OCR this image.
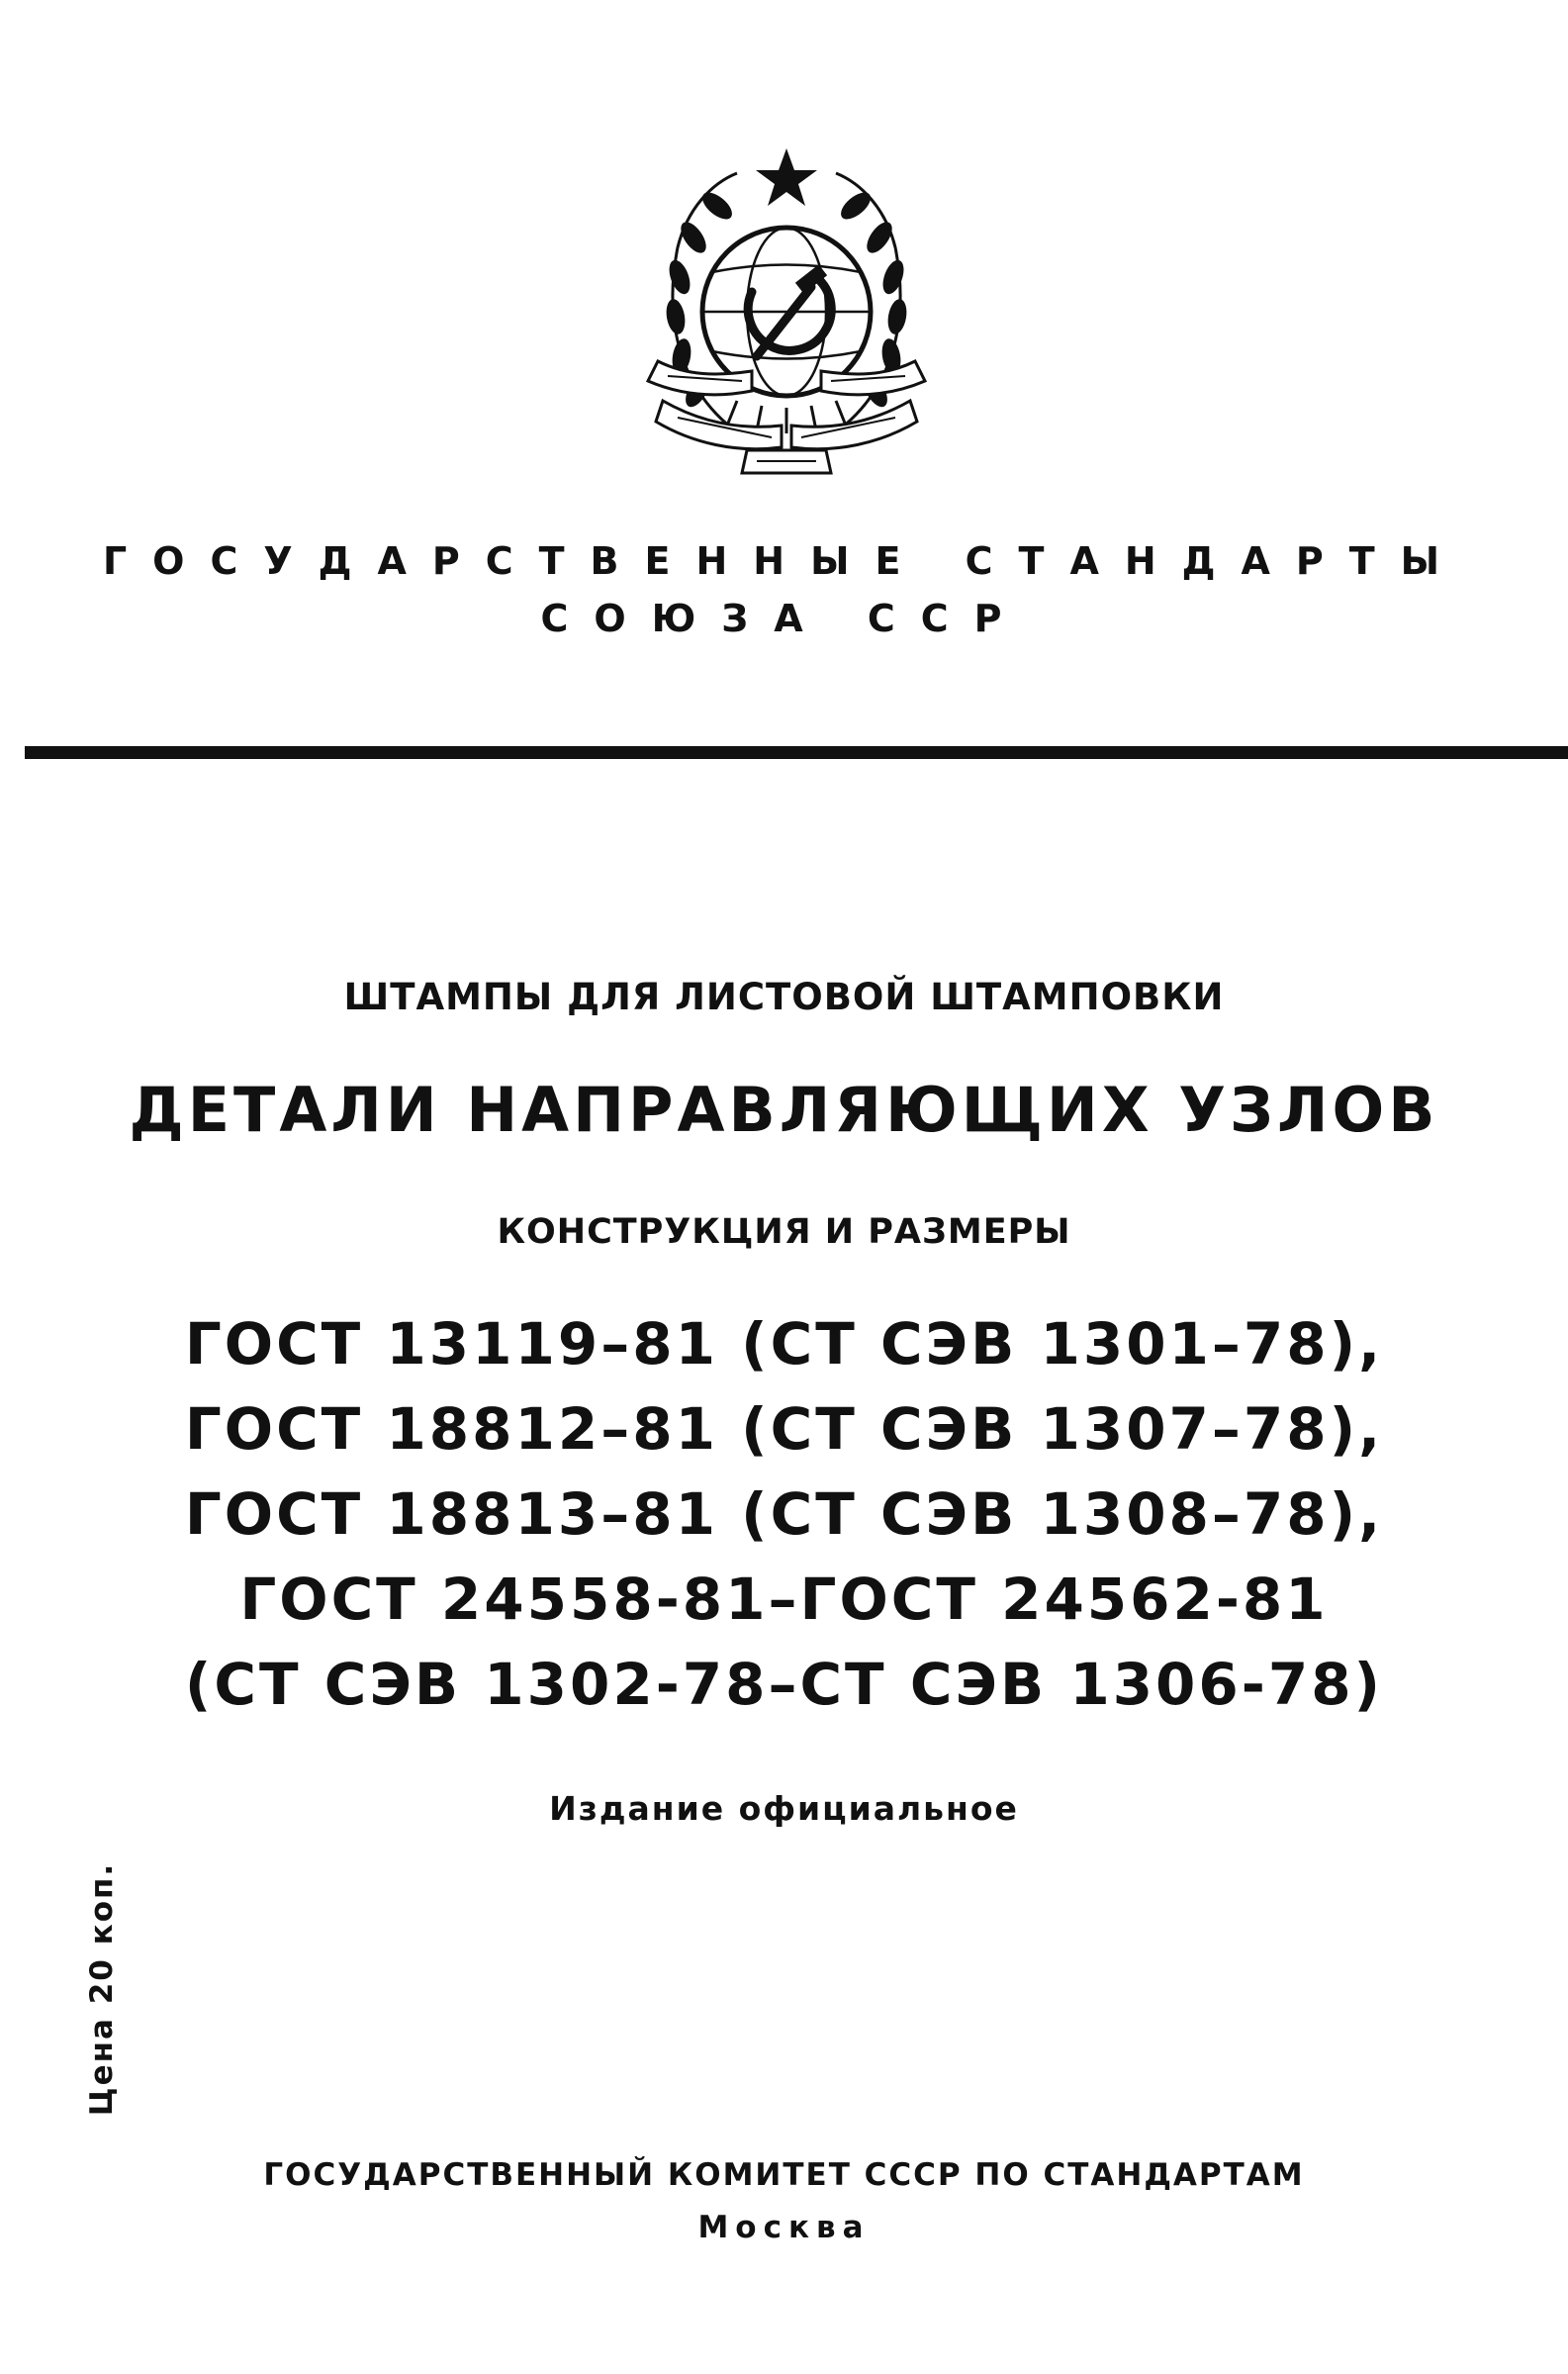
ГОСУДАРСТВЕННЫЕ СТАНДАРТЫ
СОЮЗА ССР

ШТАМПЫ ДЛЯ ЛИСТОВОЙ ШТАМПОВКИ

ДЕТАЛИ НАПРАВЛЯЮЩИХ УЗЛОВ

КОНСТРУКЦИЯ И РАЗМЕРЫ

ГОСТ 13119–81 (СТ СЭВ 1301–78),
ГОСТ 18812–81 (СТ СЭВ 1307–78),
ГОСТ 18813–81 (СТ СЭВ 1308–78),
ГОСТ 24558-81–ГОСТ 24562-81
(СТ СЭВ 1302-78–СТ СЭВ 1306-78)

Издание официальное

Цена 20 коп.

ГОСУДАРСТВЕННЫЙ КОМИТЕТ СССР ПО СТАНДАРТАМ

Москва
